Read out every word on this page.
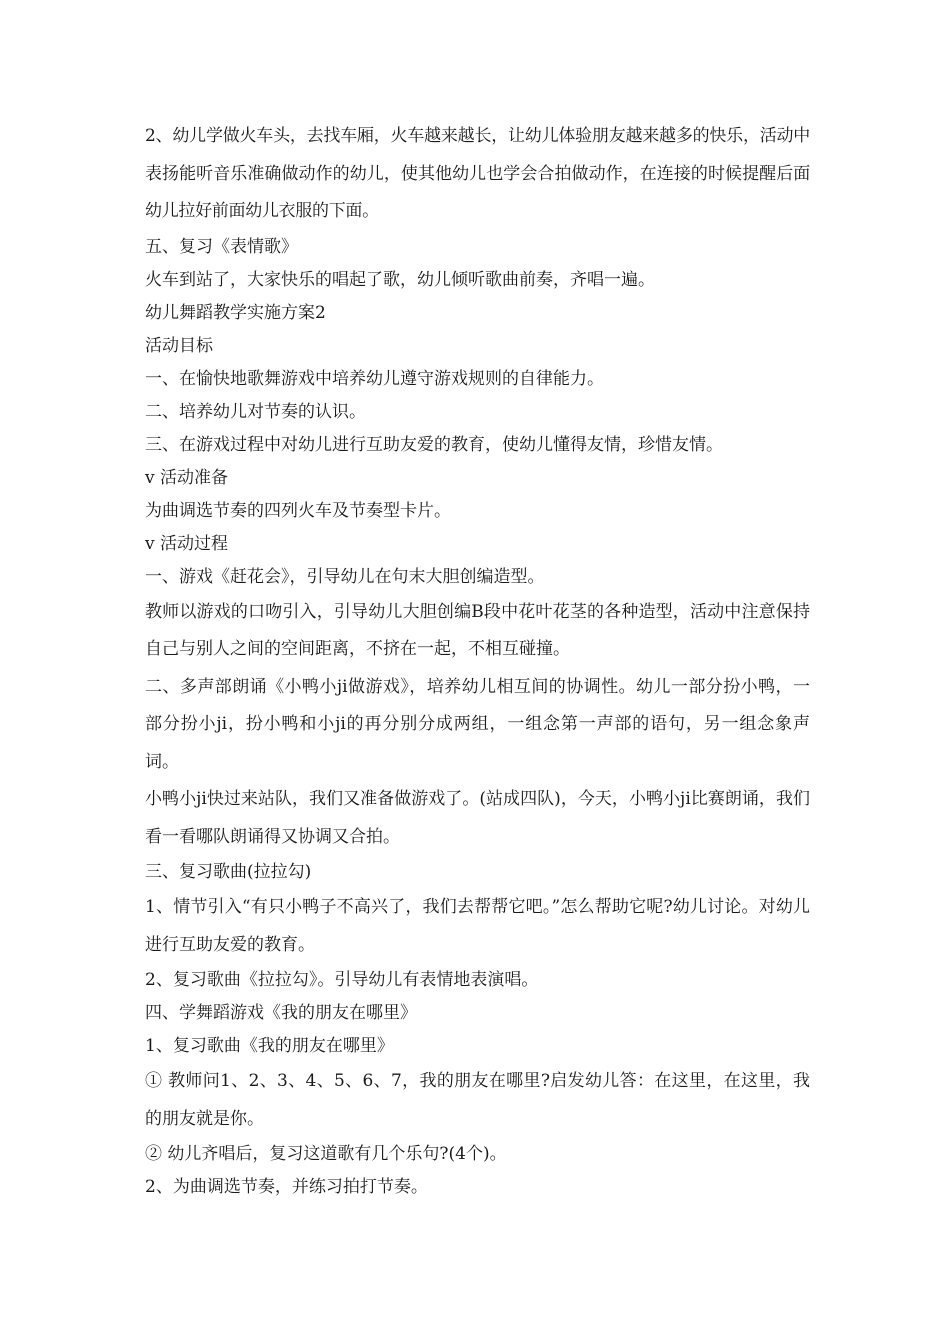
2、幼儿学做火车头，去找车厢，火车越来越长，让幼儿体验朋友越来越多的快乐，活动中表扬能听音乐准确做动作的幼儿，使其他幼儿也学会合拍做动作，在连接的时候提醒后面幼儿拉好前面幼儿衣服的下面。

五、复习《表情歌》

火车到站了，大家快乐的唱起了歌，幼儿倾听歌曲前奏，齐唱一遍。

幼儿舞蹈教学实施方案2

活动目标

一、在愉快地歌舞游戏中培养幼儿遵守游戏规则的自律能力。

二、培养幼儿对节奏的认识。

三、在游戏过程中对幼儿进行互助友爱的教育，使幼儿懂得友情，珍惜友情。

v 活动准备

为曲调选节奏的四列火车及节奏型卡片。

v 活动过程

一、游戏《赶花会》，引导幼儿在句末大胆创编造型。

教师以游戏的口吻引入，引导幼儿大胆创编B段中花叶花茎的各种造型，活动中注意保持自己与别人之间的空间距离，不挤在一起，不相互碰撞。

二、多声部朗诵《小鸭小ji做游戏》，培养幼儿相互间的协调性。幼儿一部分扮小鸭，一部分扮小ji，扮小鸭和小ji的再分别分成两组，一组念第一声部的语句，另一组念象声词。

小鸭小ji快过来站队，我们又准备做游戏了。(站成四队)，今天，小鸭小ji比赛朗诵，我们看一看哪队朗诵得又协调又合拍。

三、复习歌曲(拉拉勾)

1、情节引入“有只小鸭子不高兴了，我们去帮帮它吧。”怎么帮助它呢?幼儿讨论。对幼儿进行互助友爱的教育。

2、复习歌曲《拉拉勾》。引导幼儿有表情地表演唱。

四、学舞蹈游戏《我的朋友在哪里》

1、复习歌曲《我的朋友在哪里》

① 教师问1、2、3、4、5、6、7，我的朋友在哪里?启发幼儿答：在这里，在这里，我的朋友就是你。

② 幼儿齐唱后，复习这道歌有几个乐句?(4个)。

2、为曲调选节奏，并练习拍打节奏。
